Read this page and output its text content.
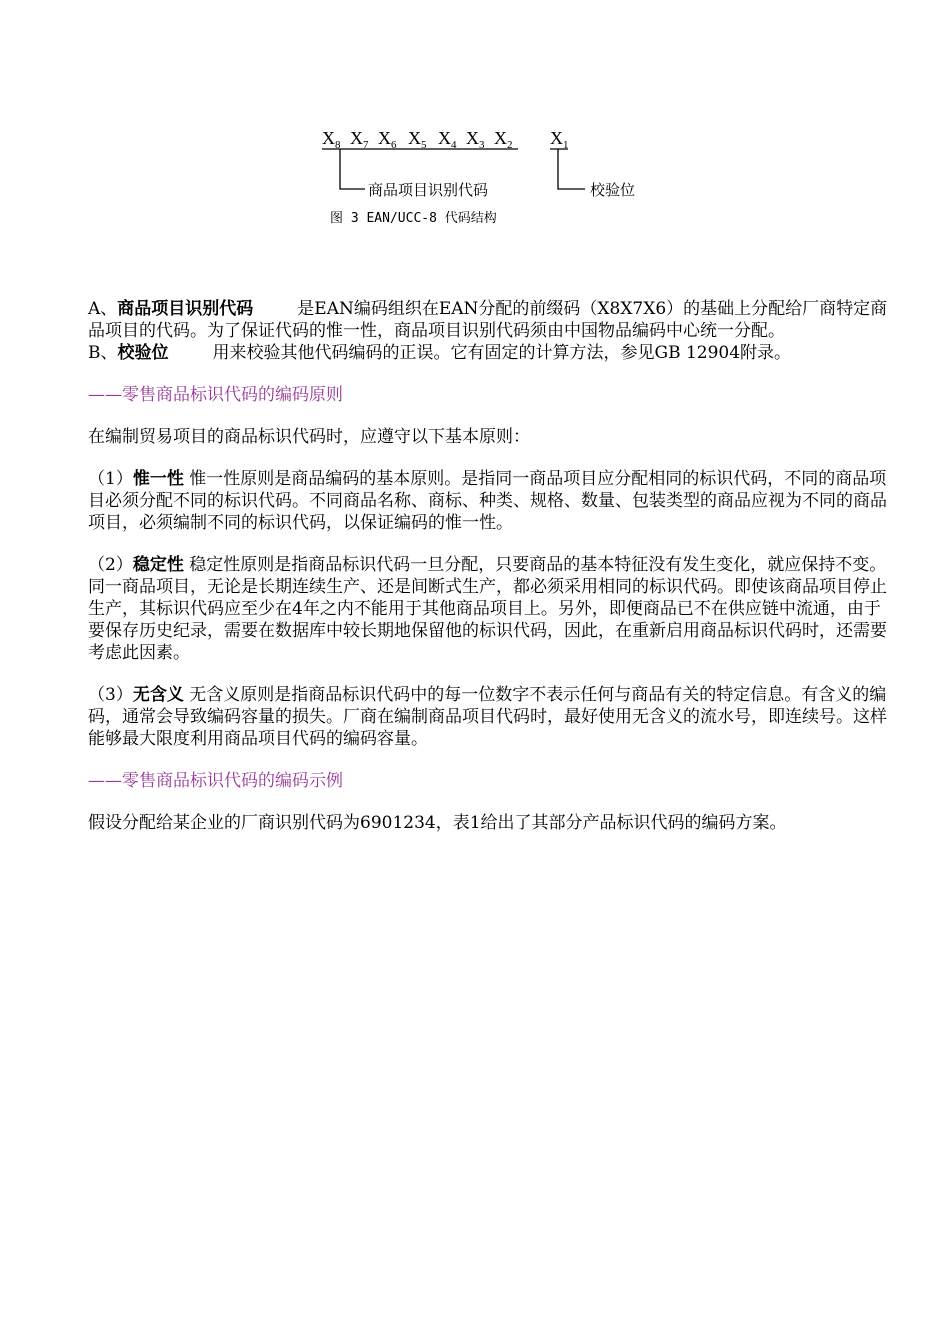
$X_8$ $X_7$ $X_6$ $X_5$ $X_4$ $X_3$ $X_2$ $X_1$
商品项目识别代码	校验位
图 3 EAN/UCC-8 代码结构

A、商品项目识别代码	是EAN编码组织在EAN分配的前缀码（X8X7X6）的基础上分配给厂商特定商品项目的代码。为了保证代码的惟一性，商品项目识别代码须由中国物品编码中心统一分配。

B、校验位	用来校验其他代码编码的正误。它有固定的计算方法，参见GB 12904附录。

——零售商品标识代码的编码原则

在编制贸易项目的商品标识代码时，应遵守以下基本原则：

（1）惟一性 惟一性原则是商品编码的基本原则。是指同一商品项目应分配相同的标识代码，不同的商品项目必须分配不同的标识代码。不同商品名称、商标、种类、规格、数量、包装类型的商品应视为不同的商品项目，必须编制不同的标识代码，以保证编码的惟一性。

（2）稳定性 稳定性原则是指商品标识代码一旦分配，只要商品的基本特征没有发生变化，就应保持不变。同一商品项目，无论是长期连续生产、还是间断式生产，都必须采用相同的标识代码。即使该商品项目停止生产，其标识代码应至少在4年之内不能用于其他商品项目上。另外，即便商品已不在供应链中流通，由于要保存历史纪录，需要在数据库中较长期地保留他的标识代码，因此，在重新启用商品标识代码时，还需要考虑此因素。

（3）无含义 无含义原则是指商品标识代码中的每一位数字不表示任何与商品有关的特定信息。有含义的编码，通常会导致编码容量的损失。厂商在编制商品项目代码时，最好使用无含义的流水号，即连续号。这样能够最大限度利用商品项目代码的编码容量。

——零售商品标识代码的编码示例

假设分配给某企业的厂商识别代码为6901234，表1给出了其部分产品标识代码的编码方案。
